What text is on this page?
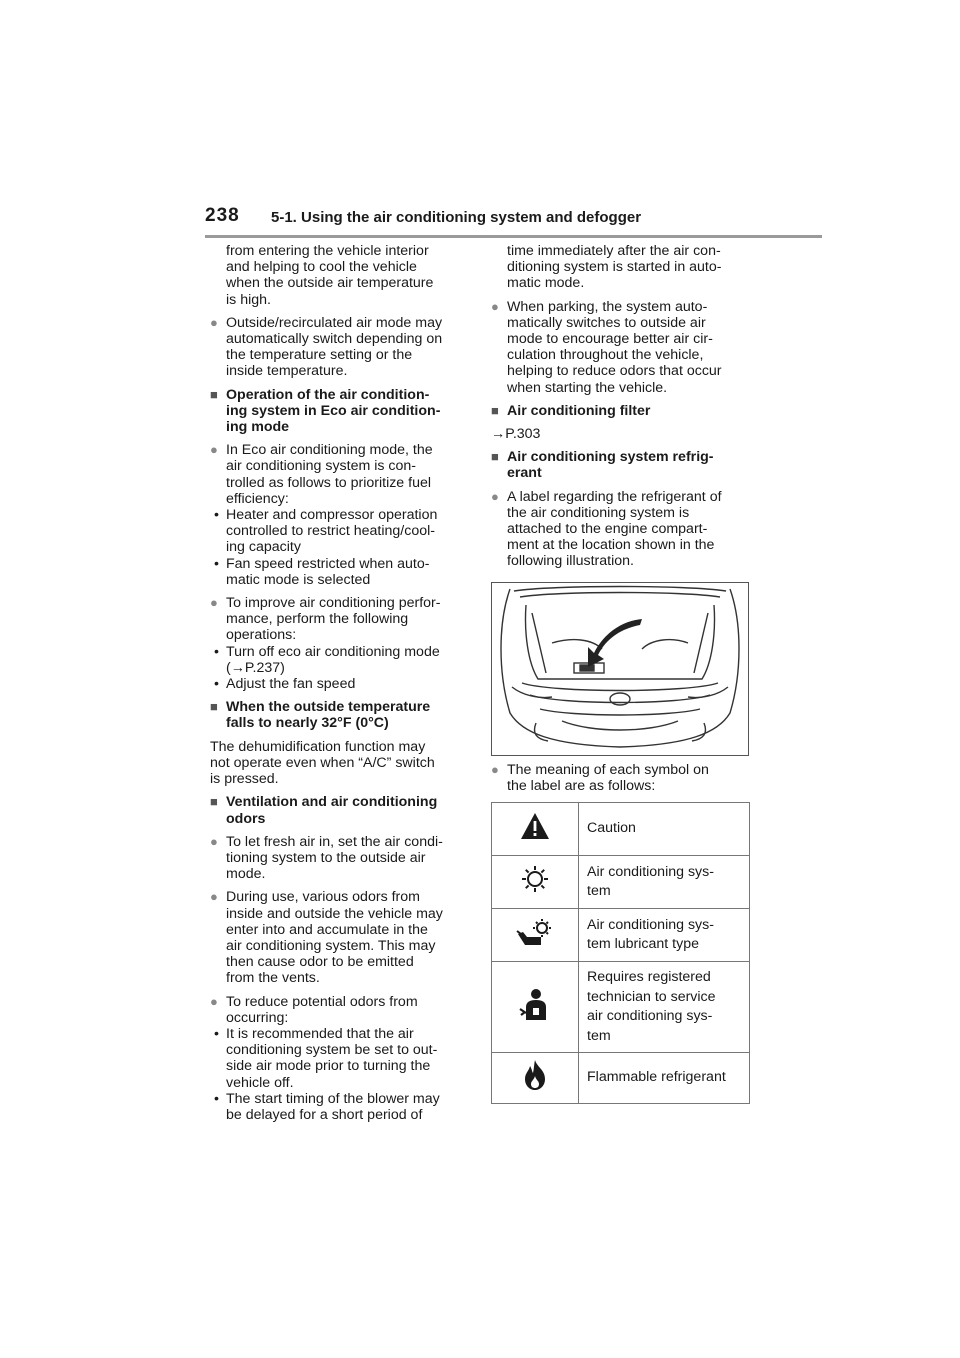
238 5-1. Using the air conditioning system and defogger
from entering the vehicle interior
and helping to cool the vehicle
when the outside air temperature
is high.
● Outside/recirculated air mode may
automatically switch depending on
the temperature setting or the
inside temperature.
■ Operation of the air condition-
ing system in Eco air condition-
ing mode
● In Eco air conditioning mode, the
air conditioning system is con-
trolled as follows to prioritize fuel
efficiency:
• Heater and compressor operation
controlled to restrict heating/cool-
ing capacity
• Fan speed restricted when auto-
matic mode is selected
● To improve air conditioning perfor-
mance, perform the following
operations:
• Turn off eco air conditioning mode
(→P.237)
• Adjust the fan speed
■ When the outside temperature
falls to nearly 32°F (0°C)
The dehumidification function may
not operate even when “A/C” switch
is pressed.
■ Ventilation and air conditioning
odors
● To let fresh air in, set the air condi-
tioning system to the outside air
mode.
● During use, various odors from
inside and outside the vehicle may
enter into and accumulate in the
air conditioning system. This may
then cause odor to be emitted
from the vents.
● To reduce potential odors from
occurring:
• It is recommended that the air
conditioning system be set to out-
side air mode prior to turning the
vehicle off.
• The start timing of the blower may
be delayed for a short period of
time immediately after the air con-
ditioning system is started in auto-
matic mode.
● When parking, the system auto-
matically switches to outside air
mode to encourage better air cir-
culation throughout the vehicle,
helping to reduce odors that occur
when starting the vehicle.
■ Air conditioning filter
→P.303
■ Air conditioning system refrig-
erant
● A label regarding the refrigerant of
the air conditioning system is
attached to the engine compart-
ment at the location shown in the
following illustration.
● The meaning of each symbol on
the label are as follows:

Caution

Air conditioning sys-
tem

Air conditioning sys-
tem lubricant type

Requires registered
technician to service
air conditioning sys-
tem

Flammable refrigerant
